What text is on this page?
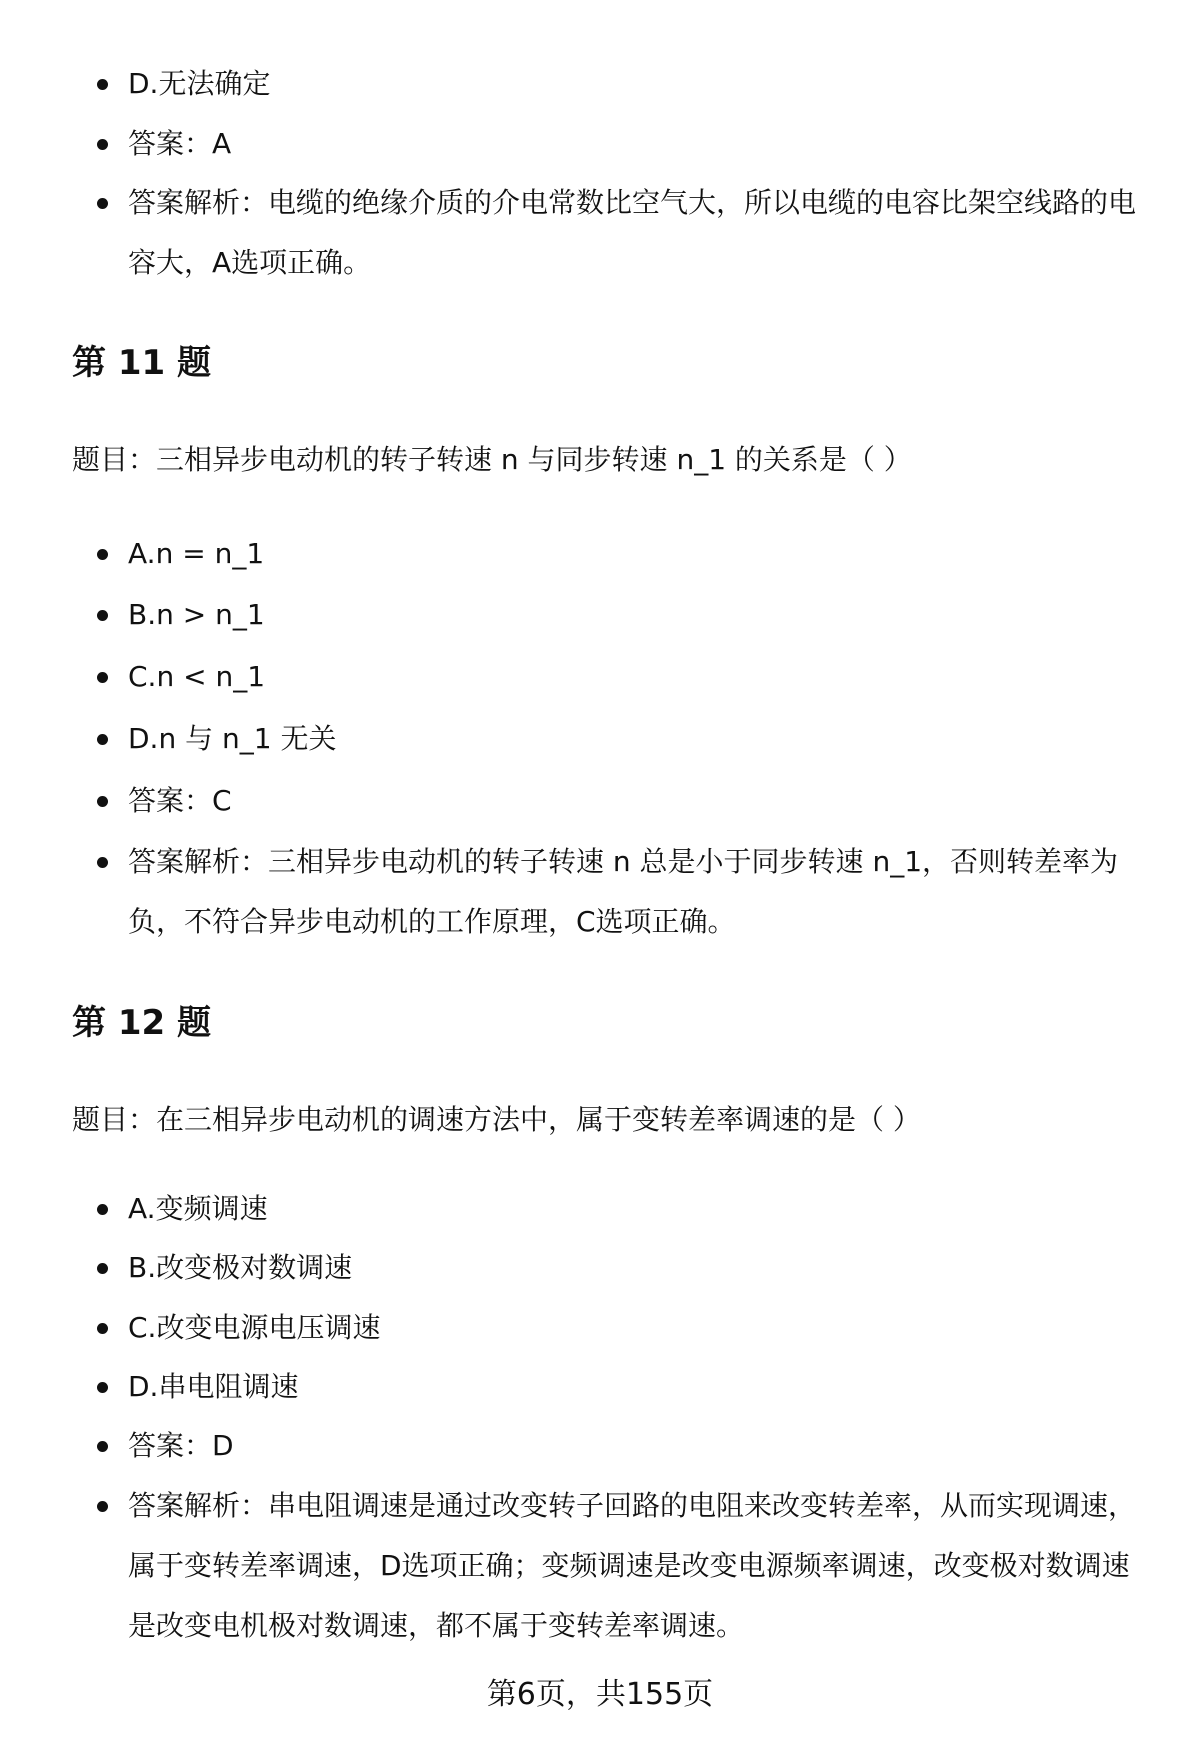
D.无法确定
答案：A
答案解析：电缆的绝缘介质的介电常数比空气大，所以电缆的电容比架空线路的电容大，A选项正确。
第 11 题
题目：三相异步电动机的转子转速 n 与同步转速 n_1 的关系是（ ）
A.n = n_1
B.n > n_1
C.n < n_1
D.n 与 n_1 无关
答案：C
答案解析：三相异步电动机的转子转速 n 总是小于同步转速 n_1，否则转差率为负，不符合异步电动机的工作原理，C选项正确。
第 12 题
题目：在三相异步电动机的调速方法中，属于变转差率调速的是（ ）
A.变频调速
B.改变极对数调速
C.改变电源电压调速
D.串电阻调速
答案：D
答案解析：串电阻调速是通过改变转子回路的电阻来改变转差率，从而实现调速，属于变转差率调速，D选项正确；变频调速是改变电源频率调速，改变极对数调速是改变电机极对数调速，都不属于变转差率调速。
第6页，共155页
